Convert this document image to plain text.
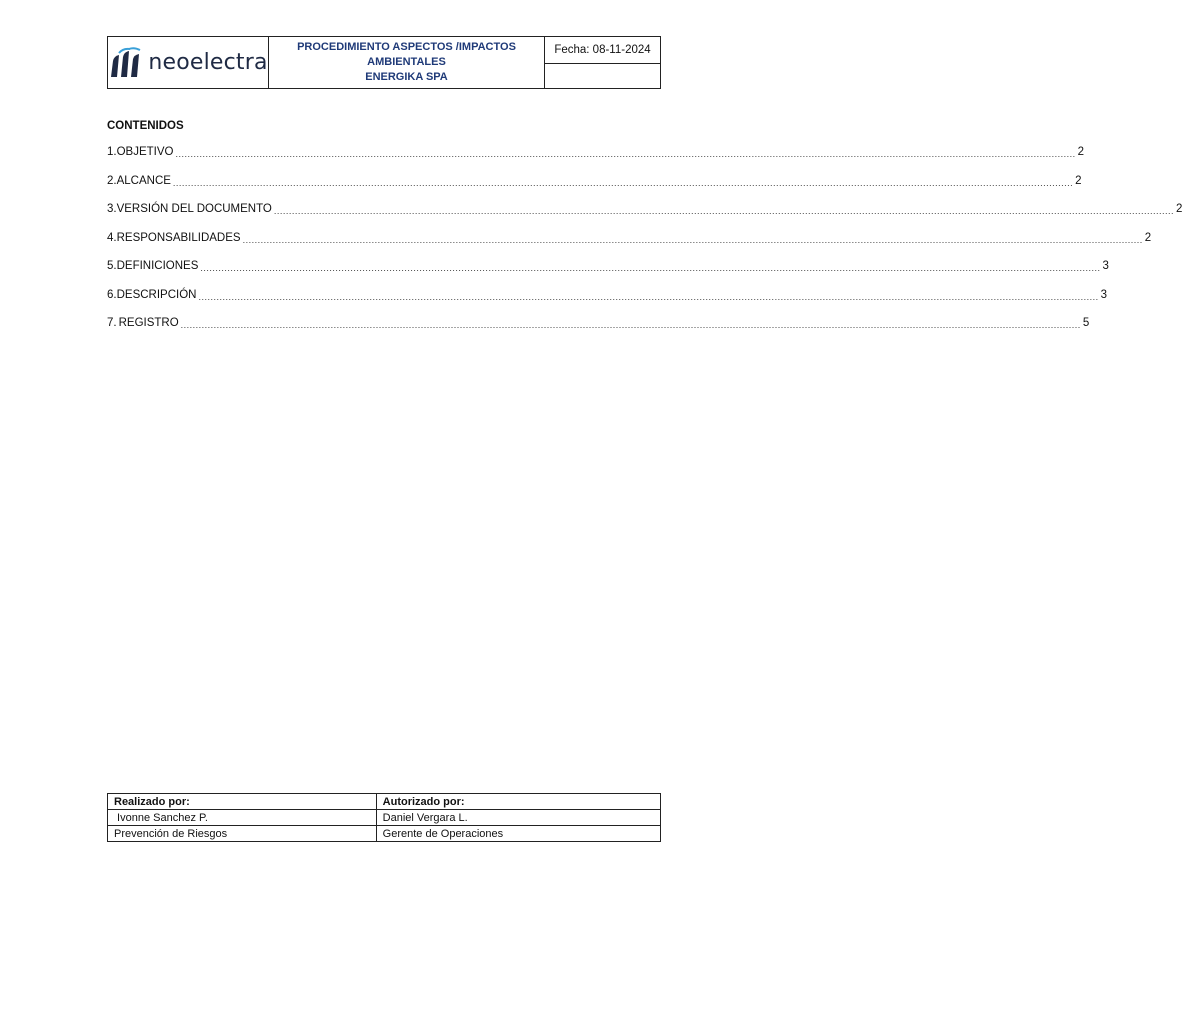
neoelectra
PROCEDIMIENTO ASPECTOS /IMPACTOS
AMBIENTALES
ENERGIKA SPA
Fecha: 08-11-2024
CONTENIDOS
1. OBJETIVO ............................................................................................................................................................................................................................................................................................................ 2
2. ALCANCE ............................................................................................................................................................................................................................................................................................................ 2
3. VERSIÓN DEL DOCUMENTO ............................................................................................................................................................................................................................................................................................................ 2
4. RESPONSABILIDADES ............................................................................................................................................................................................................................................................................................................ 2
5. DEFINICIONES ............................................................................................................................................................................................................................................................................................................ 3
6. DESCRIPCIÓN ............................................................................................................................................................................................................................................................................................................ 3
7. REGISTRO ............................................................................................................................................................................................................................................................................................................ 5
Realizado por:	Autorizado por:
Ivonne Sanchez P.	Daniel Vergara L.
Prevención de Riesgos	Gerente de Operaciones
